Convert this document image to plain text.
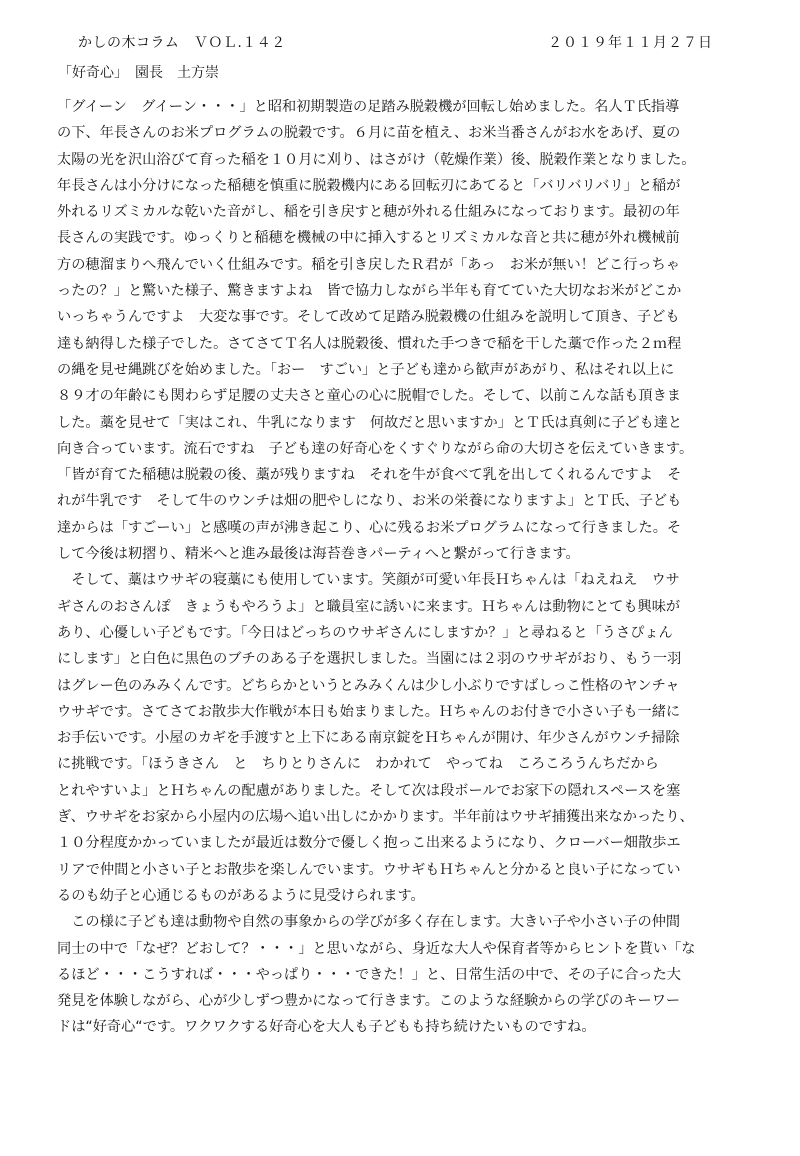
かしの木コラム　ＶＯＬ.１４２	２０１９年１１月２７日
「好奇心」　園長　土方崇
「グイーン　グイーン・・・」と昭和初期製造の足踏み脱穀機が回転し始めました。名人Ｔ氏指導
の下、年長さんのお米プログラムの脱穀です。６月に苗を植え、お米当番さんがお水をあげ、夏の
太陽の光を沢山浴びて育った稲を１０月に刈り、はさがけ（乾燥作業）後、脱穀作業となりました。
年長さんは小分けになった稲穂を慎重に脱穀機内にある回転刃にあてると「バリバリバリ」と稲が
外れるリズミカルな乾いた音がし、稲を引き戻すと穂が外れる仕組みになっております。最初の年
長さんの実践です。ゆっくりと稲穂を機械の中に挿入するとリズミカルな音と共に穂が外れ機械前
方の穂溜まりへ飛んでいく仕組みです。稲を引き戻したＲ君が「あっ　お米が無い！どこ行っちゃ
ったの？」と驚いた様子、驚きますよね　皆で協力しながら半年も育てていた大切なお米がどこか
いっちゃうんですよ　大変な事です。そして改めて足踏み脱穀機の仕組みを説明して頂き、子ども
達も納得した様子でした。さてさてＴ名人は脱穀後、慣れた手つきで稲を干した藁で作った２ｍ程
の縄を見せ縄跳びを始めました。「おー　すごい」と子ども達から歓声があがり、私はそれ以上に
８９才の年齢にも関わらず足腰の丈夫さと童心の心に脱帽でした。そして、以前こんな話も頂きま
した。藁を見せて「実はこれ、牛乳になります　何故だと思いますか」とＴ氏は真剣に子ども達と
向き合っています。流石ですね　子ども達の好奇心をくすぐりながら命の大切さを伝えていきます。
「皆が育てた稲穂は脱穀の後、藁が残りますね　それを牛が食べて乳を出してくれるんですよ　そ
れが牛乳です　そして牛のウンチは畑の肥やしになり、お米の栄養になりますよ」とＴ氏、子ども
達からは「すごーい」と感嘆の声が沸き起こり、心に残るお米プログラムになって行きました。そ
して今後は籾摺り、精米へと進み最後は海苔巻きパーティへと繋がって行きます。
　そして、藁はウサギの寝藁にも使用しています。笑顔が可愛い年長Ｈちゃんは「ねえねえ　ウサ
ギさんのおさんぽ　きょうもやろうよ」と職員室に誘いに来ます。Ｈちゃんは動物にとても興味が
あり、心優しい子どもです。「今日はどっちのウサギさんにしますか？」と尋ねると「うさぴょん
にします」と白色に黒色のブチのある子を選択しました。当園には２羽のウサギがおり、もう一羽
はグレー色のみみくんです。どちらかというとみみくんは少し小ぶりですばしっこ性格のヤンチャ
ウサギです。さてさてお散歩大作戦が本日も始まりました。Ｈちゃんのお付きで小さい子も一緒に
お手伝いです。小屋のカギを手渡すと上下にある南京錠をＨちゃんが開け、年少さんがウンチ掃除
に挑戦です。「ほうきさん　と　ちりとりさんに　わかれて　やってね　ころころうんちだから
とれやすいよ」とＨちゃんの配慮がありました。そして次は段ボールでお家下の隠れスペースを塞
ぎ、ウサギをお家から小屋内の広場へ追い出しにかかります。半年前はウサギ捕獲出来なかったり、
１０分程度かかっていましたが最近は数分で優しく抱っこ出来るようになり、クローバー畑散歩エ
リアで仲間と小さい子とお散歩を楽しんでいます。ウサギもＨちゃんと分かると良い子になってい
るのも幼子と心通じるものがあるように見受けられます。
　この様に子ども達は動物や自然の事象からの学びが多く存在します。大きい子や小さい子の仲間
同士の中で「なぜ？どおして？・・・」と思いながら、身近な大人や保育者等からヒントを貰い「な
るほど・・・こうすれば・・・やっぱり・・・できた！」と、日常生活の中で、その子に合った大
発見を体験しながら、心が少しずつ豊かになって行きます。このような経験からの学びのキーワー
ドは“好奇心“です。ワクワクする好奇心を大人も子どもも持ち続けたいものですね。
